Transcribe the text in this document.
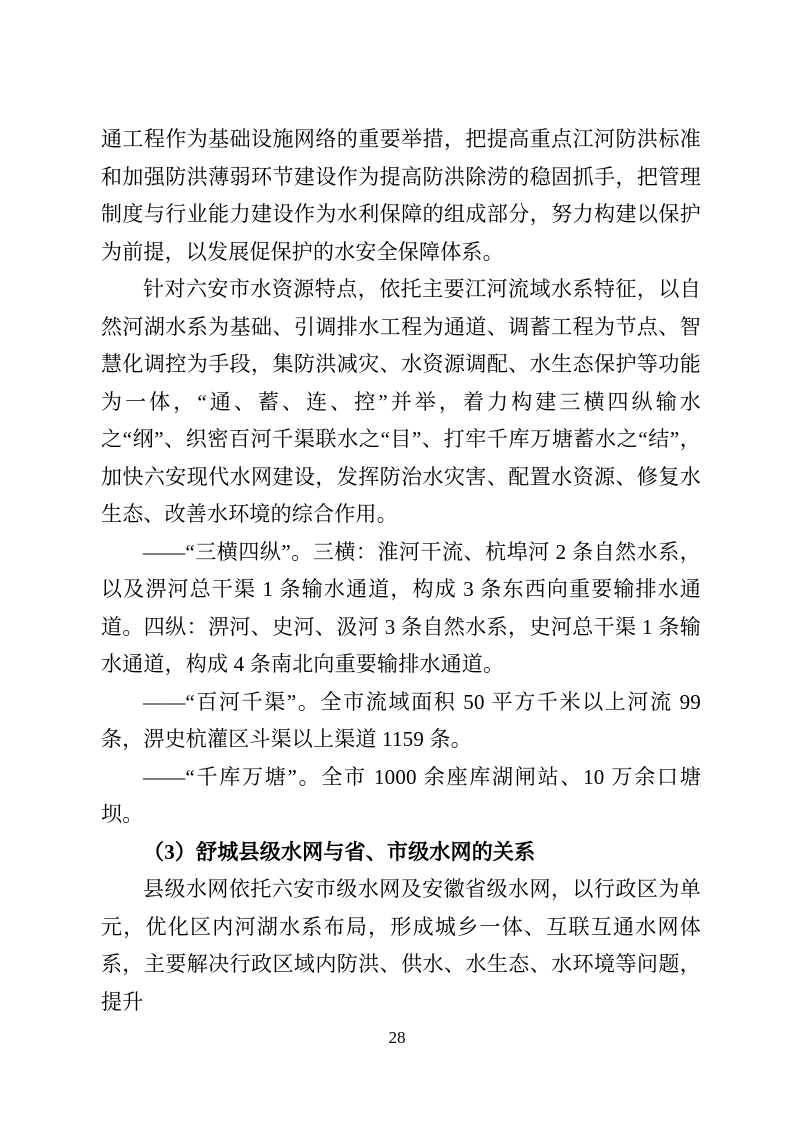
通工程作为基础设施网络的重要举措，把提高重点江河防洪标准和加强防洪薄弱环节建设作为提高防洪除涝的稳固抓手，把管理制度与行业能力建设作为水利保障的组成部分，努力构建以保护为前提，以发展促保护的水安全保障体系。

针对六安市水资源特点，依托主要江河流域水系特征，以自然河湖水系为基础、引调排水工程为通道、调蓄工程为节点、智慧化调控为手段，集防洪减灾、水资源调配、水生态保护等功能为一体，“通、蓄、连、控”并举，着力构建三横四纵输水之“纲”、织密百河千渠联水之“目”、打牢千库万塘蓄水之“结”，加快六安现代水网建设，发挥防治水灾害、配置水资源、修复水生态、改善水环境的综合作用。

——“三横四纵”。三横：淮河干流、杭埠河 2 条自然水系，以及淠河总干渠 1 条输水通道，构成 3 条东西向重要输排水通道。四纵：淠河、史河、汲河 3 条自然水系，史河总干渠 1 条输水通道，构成 4 条南北向重要输排水通道。

——“百河千渠”。全市流域面积 50 平方千米以上河流 99 条，淠史杭灌区斗渠以上渠道 1159 条。

——“千库万塘”。全市 1000 余座库湖闸站、10 万余口塘坝。

（3）舒城县级水网与省、市级水网的关系

县级水网依托六安市级水网及安徽省级水网，以行政区为单元，优化区内河湖水系布局，形成城乡一体、互联互通水网体系，主要解决行政区域内防洪、供水、水生态、水环境等问题，提升

28
